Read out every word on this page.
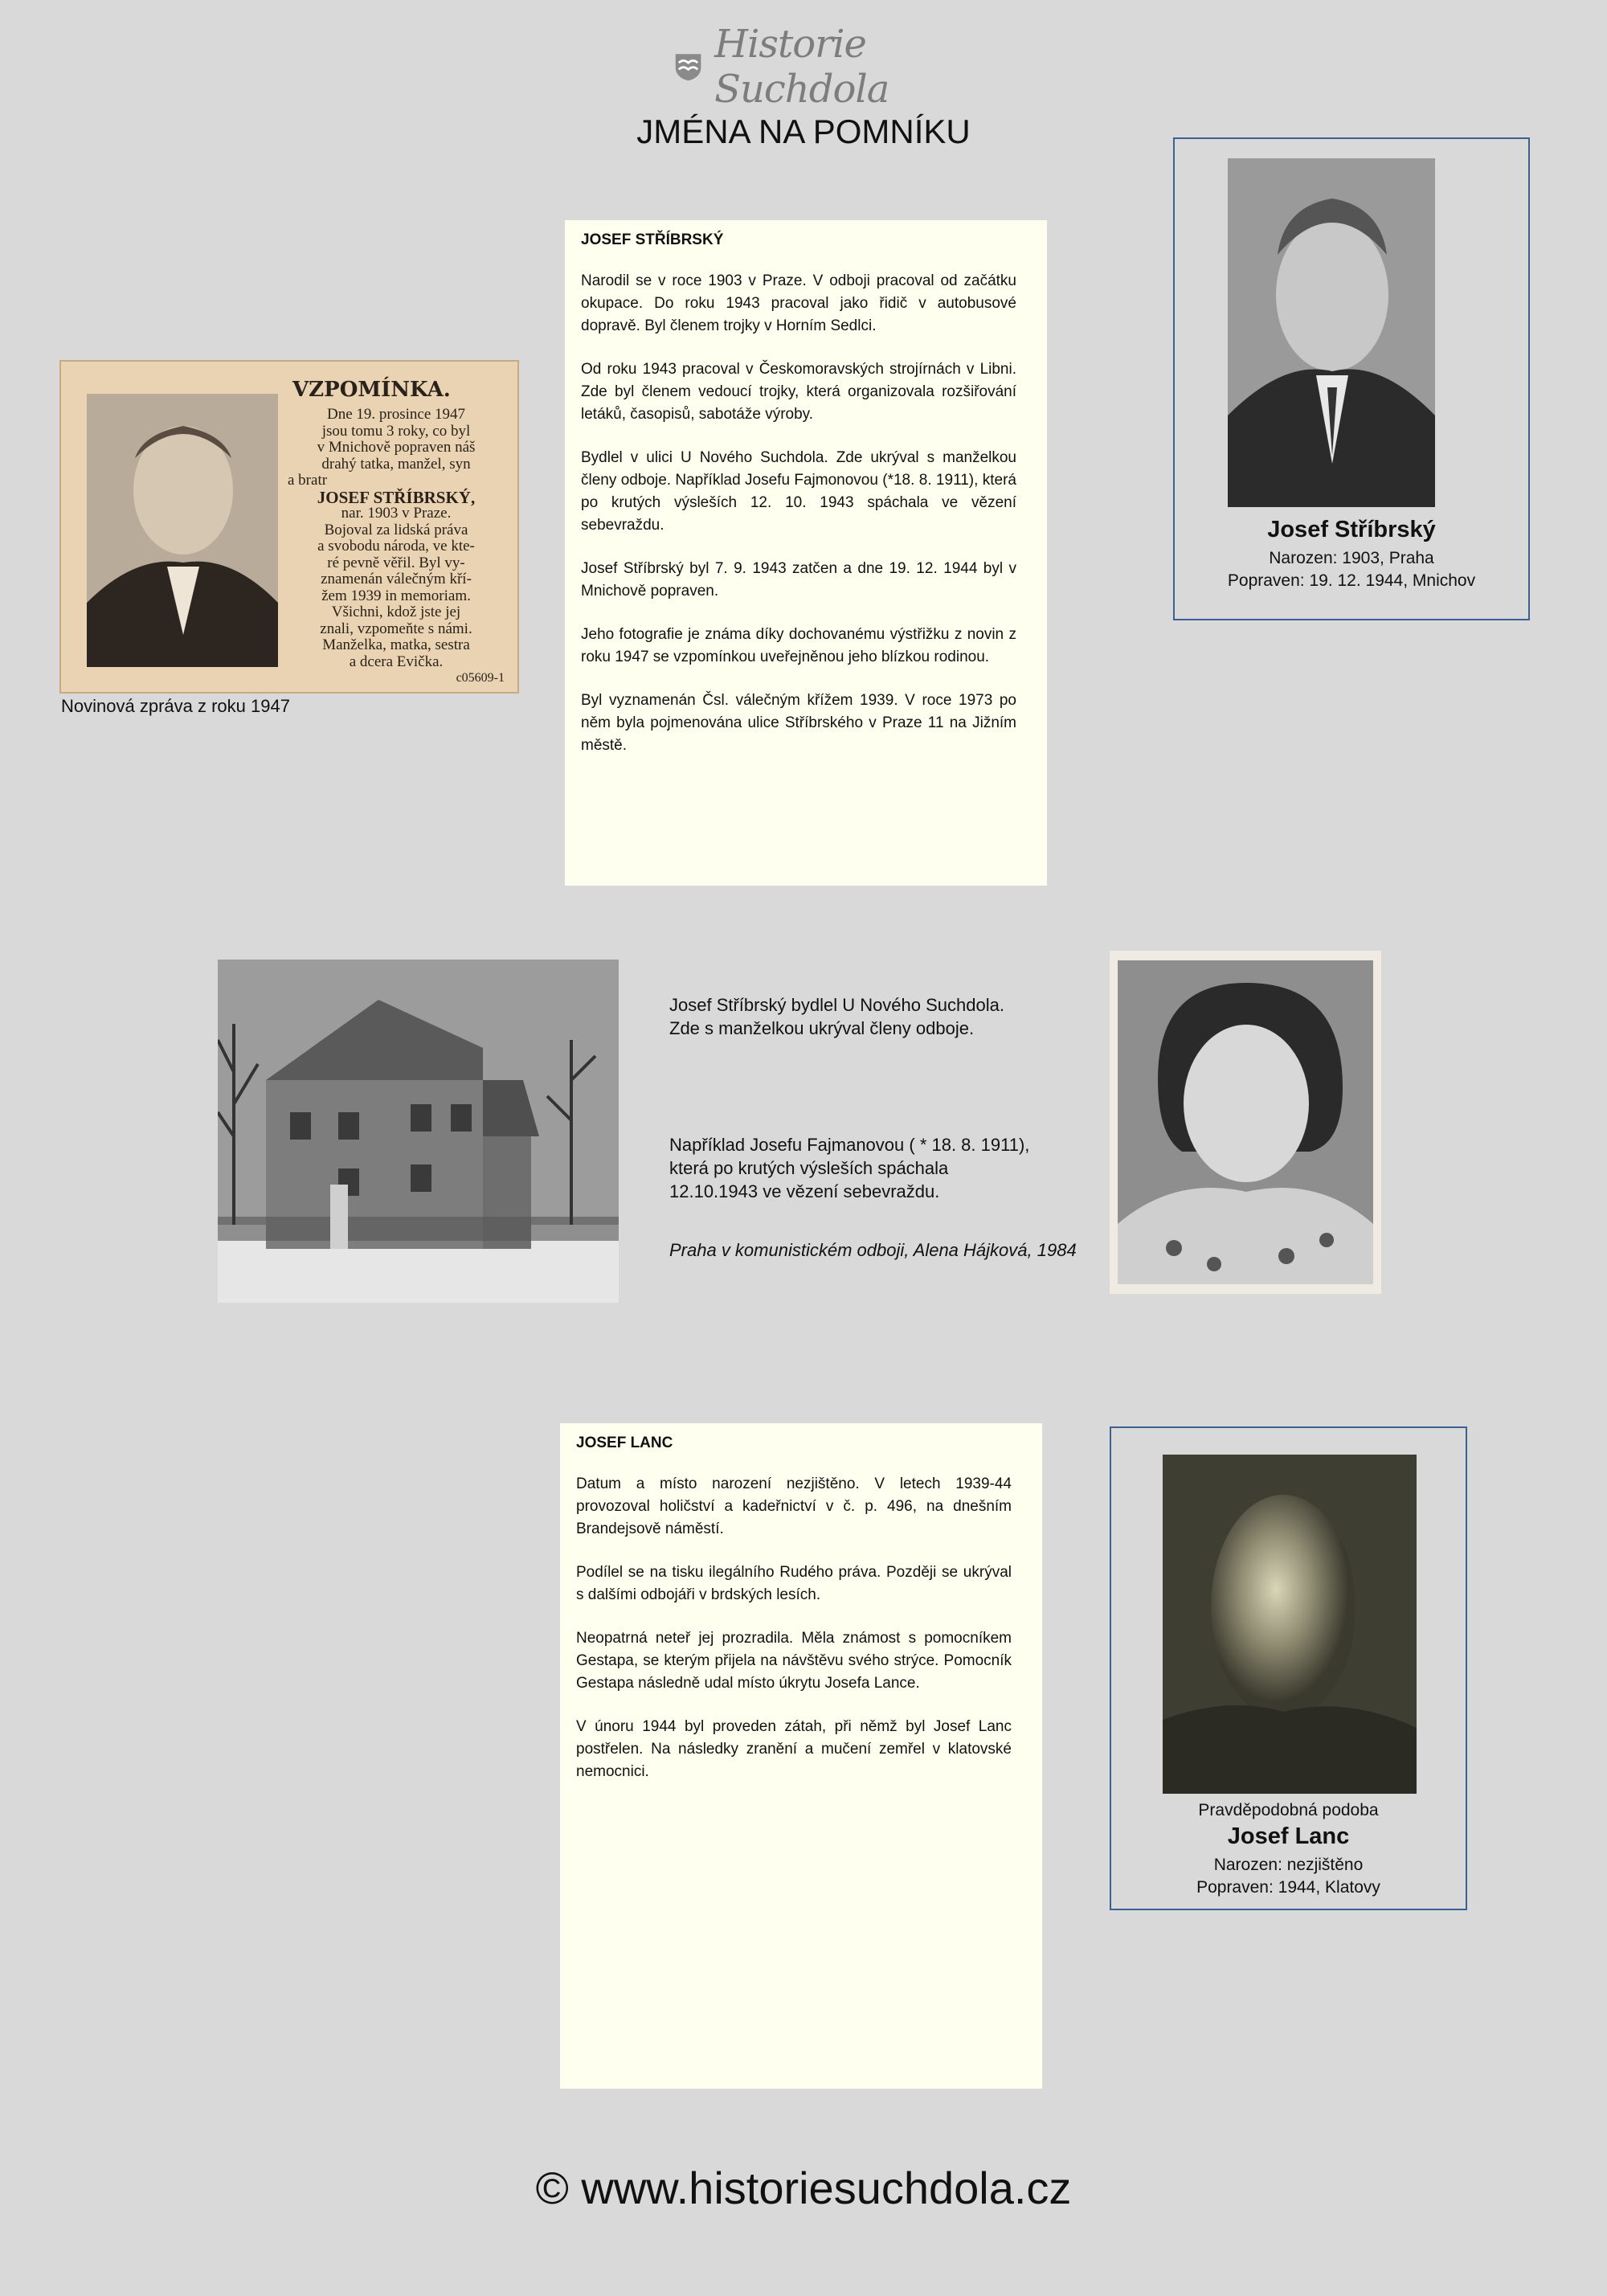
Historie Suchdola
JMÉNA NA POMNÍKU
VZPOMÍNKA.
Dne 19. prosince 1947
jsou tomu 3 roky, co byl
v Mnichově popraven náš
drahý tatka, manžel, syn
a bratr
JOSEF STŘÍBRSKÝ,
nar. 1903 v Praze.
Bojoval za lidská práva
a svobodu národa, ve kte-
ré pevně věřil. Byl vy-
znamenán válečným kří-
žem 1939 in memoriam.
Všichni, kdož jste jej
znali, vzpomeňte s námi.
Manželka, matka, sestra
a dcera Evička.
c05609-1
Novinová zpráva z roku 1947
JOSEF STŘÍBRSKÝ

Narodil se v roce 1903 v Praze. V odboji pracoval od začátku okupace. Do roku 1943 pracoval jako řidič v autobusové dopravě. Byl členem trojky v Horním Sedlci.

Od roku 1943 pracoval v Českomoravských strojírnách v Libni. Zde byl členem vedoucí trojky, která organizovala rozšiřování letáků, časopisů, sabotáže výroby.

Bydlel v ulici U Nového Suchdola. Zde ukrýval s manželkou členy odboje. Například Josefu Fajmonovou (*18. 8. 1911), která po krutých výsleších 12. 10. 1943 spáchala ve vězení sebevraždu.

Josef Stříbrský byl 7. 9. 1943 zatčen a dne 19. 12. 1944 byl v Mnichově popraven.

Jeho fotografie je známa díky dochovanému výstřižku z novin z roku 1947 se vzpomínkou uveřejněnou jeho blízkou rodinou.

Byl vyznamenán Čsl. válečným křížem 1939. V roce 1973 po něm byla pojmenována ulice Stříbrského v Praze 11 na Jižním městě.

Josef Stříbrský
Narozen: 1903, Praha
Popraven: 19. 12. 1944, Mnichov
Josef Stříbrský bydlel U Nového Suchdola.
Zde s manželkou ukrýval členy odboje.
Například Josefu Fajmanovou ( * 18. 8. 1911),
která po krutých výsleších spáchala
12.10.1943 ve vězení sebevraždu.
Praha v komunistickém odboji, Alena Hájková, 1984
JOSEF LANC

Datum a místo narození nezjištěno. V letech 1939-44 provozoval holičství a kadeřnictví v č. p. 496, na dnešním Brandejsově náměstí.

Podílel se na tisku ilegálního Rudého práva. Později se ukrýval s dalšími odbojáři v brdských lesích.

Neopatrná neteř jej prozradila. Měla známost s pomocníkem Gestapa, se kterým přijela na návštěvu svého strýce. Pomocník Gestapa následně udal místo úkrytu Josefa Lance.

V únoru 1944 byl proveden zátah, při němž byl Josef Lanc postřelen. Na následky zranění a mučení zemřel v klatovské nemocnici.

Pravděpodobná podoba
Josef Lanc
Narozen: nezjištěno
Popraven: 1944, Klatovy
© www.historiesuchdola.cz
